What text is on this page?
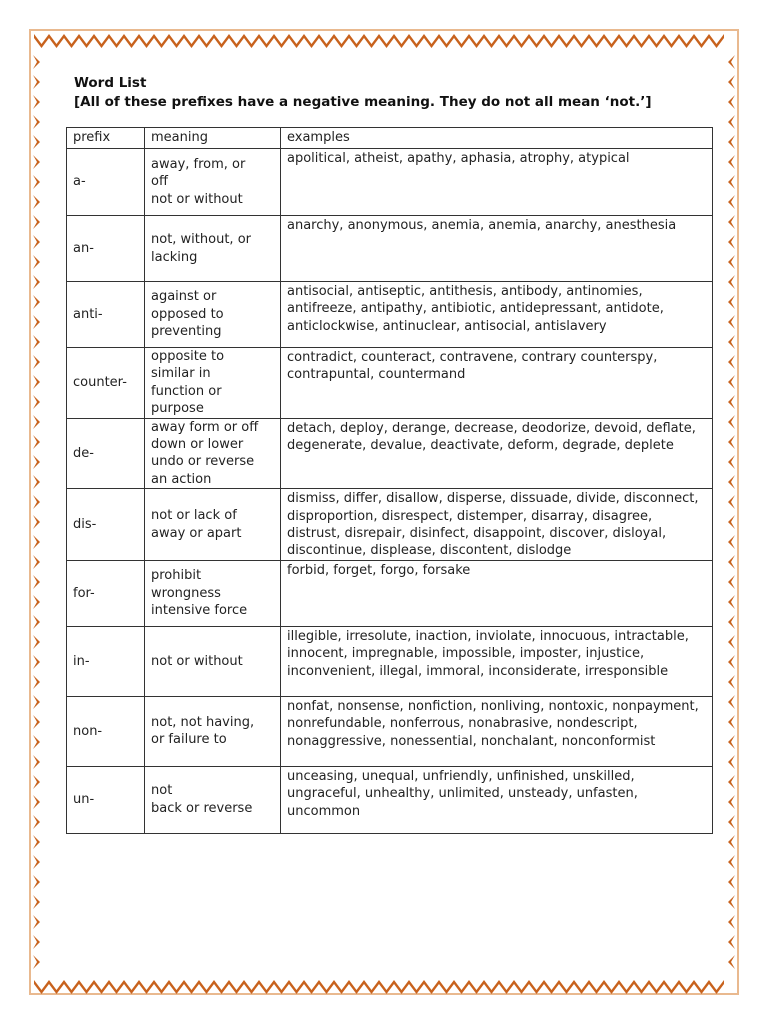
Word List
[All of these prefixes have a negative meaning. They do not all mean ‘not.’]
prefix	meaning	examples
a-	away, from, or
off
not or without	apolitical, atheist, apathy, aphasia, atrophy, atypical
an-	not, without, or
lacking	anarchy, anonymous, anemia, anemia, anarchy, anesthesia
anti-	against or
opposed to
preventing	antisocial, antiseptic, antithesis, antibody, antinomies, antifreeze, antipathy, antibiotic, antidepressant, antidote, anticlockwise, antinuclear, antisocial, antislavery
counter-	opposite to
similar in
function or
purpose	contradict, counteract, contravene, contrary counterspy, contrapuntal, countermand
de-	away form or off
down or lower
undo or reverse
an action	detach, deploy, derange, decrease, deodorize, devoid, deflate, degenerate, devalue, deactivate, deform, degrade, deplete
dis-	not or lack of
away or apart	dismiss, differ, disallow, disperse, dissuade, divide, disconnect, disproportion, disrespect, distemper, disarray, disagree, distrust, disrepair, disinfect, disappoint, discover, disloyal, discontinue, displease, discontent, dislodge
for-	prohibit
wrongness
intensive force	forbid, forget, forgo, forsake
in-	not or without	illegible, irresolute, inaction, inviolate, innocuous, intractable, innocent, impregnable, impossible, imposter, injustice, inconvenient, illegal, immoral, inconsiderate, irresponsible
non-	not, not having,
or failure to	nonfat, nonsense, nonfiction, nonliving, nontoxic, nonpayment, nonrefundable, nonferrous, nonabrasive, nondescript, nonaggressive, nonessential, nonchalant, nonconformist
un-	not
back or reverse	unceasing, unequal, unfriendly, unfinished, unskilled, ungraceful, unhealthy, unlimited, unsteady, unfasten, uncommon
